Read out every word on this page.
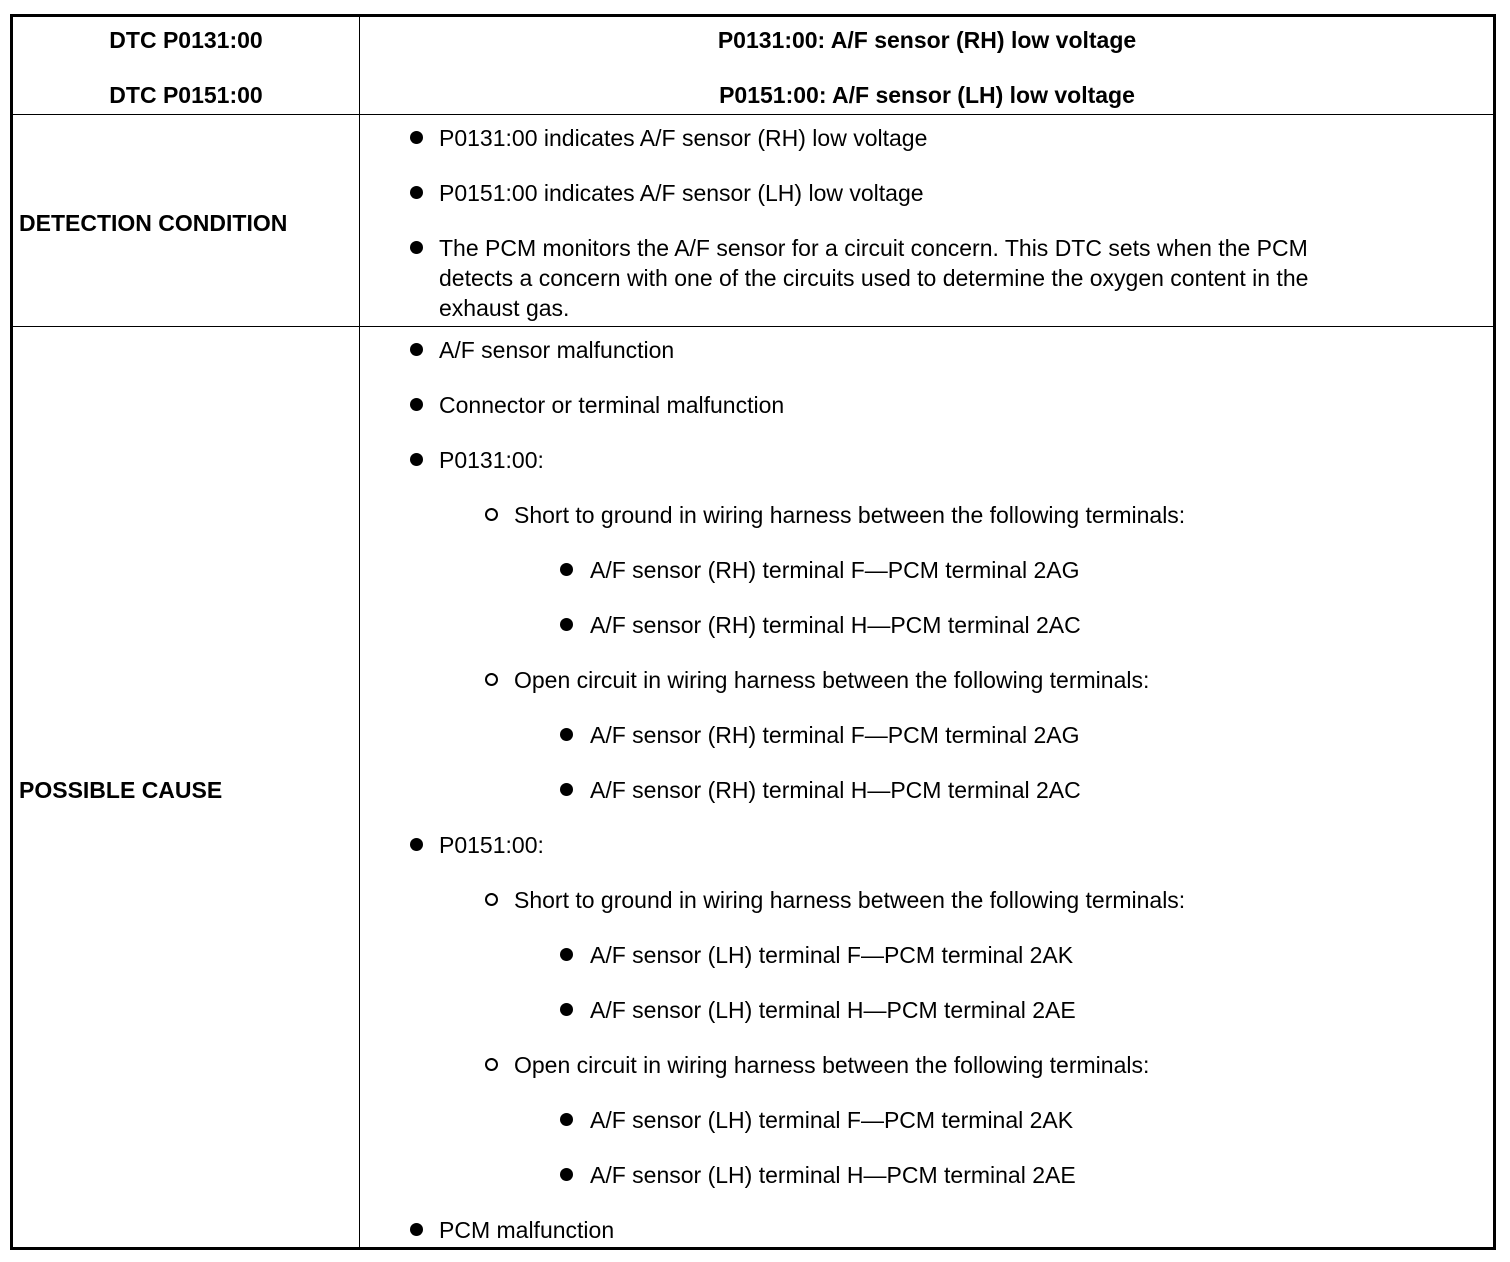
DTC P0131:00
DTC P0151:00
P0131:00: A/F sensor (RH) low voltage
P0151:00: A/F sensor (LH) low voltage
DETECTION CONDITION
P0131:00 indicates A/F sensor (RH) low voltage
P0151:00 indicates A/F sensor (LH) low voltage
The PCM monitors the A/F sensor for a circuit concern. This DTC sets when the PCM
detects a concern with one of the circuits used to determine the oxygen content in the
exhaust gas.
POSSIBLE CAUSE
A/F sensor malfunction
Connector or terminal malfunction
P0131:00:
Short to ground in wiring harness between the following terminals:
A/F sensor (RH) terminal F—PCM terminal 2AG
A/F sensor (RH) terminal H—PCM terminal 2AC
Open circuit in wiring harness between the following terminals:
A/F sensor (RH) terminal F—PCM terminal 2AG
A/F sensor (RH) terminal H—PCM terminal 2AC
P0151:00:
Short to ground in wiring harness between the following terminals:
A/F sensor (LH) terminal F—PCM terminal 2AK
A/F sensor (LH) terminal H—PCM terminal 2AE
Open circuit in wiring harness between the following terminals:
A/F sensor (LH) terminal F—PCM terminal 2AK
A/F sensor (LH) terminal H—PCM terminal 2AE
PCM malfunction
